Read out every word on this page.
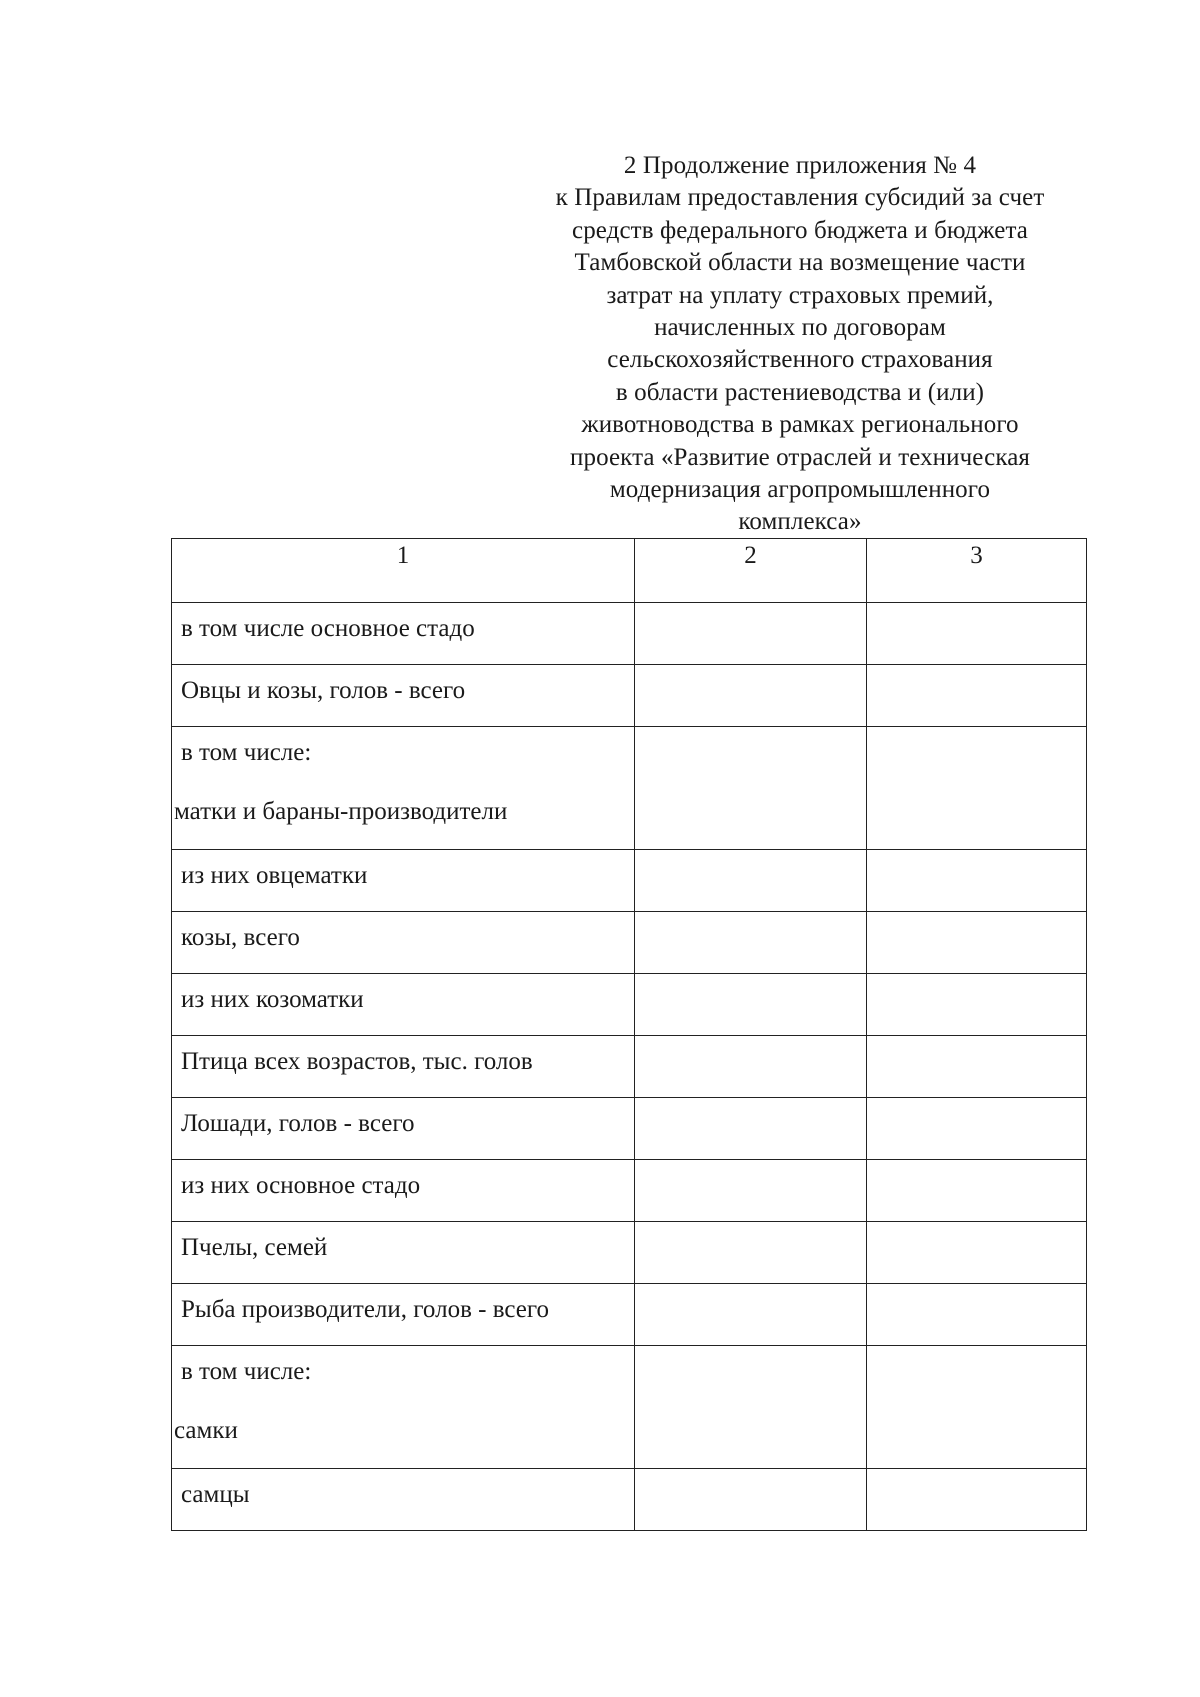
2 Продолжение приложения № 4
к Правилам предоставления субсидий за счет
средств федерального бюджета и бюджета
Тамбовской области на возмещение части
затрат на уплату страховых премий,
начисленных по договорам
сельскохозяйственного страхования
в области растениеводства и (или)
животноводства в рамках регионального
проекта «Развитие отраслей и техническая
модернизация агропромышленного
комплекса»
1	2	3

в том числе основное стадо		

Овцы и козы, голов - всего		

в том числе:
матки и бараны-производители		

из них овцематки		

козы, всего		

из них козоматки		

Птица всех возрастов, тыс. голов		

Лошади, голов - всего		

из них основное стадо		

Пчелы, семей		

Рыба производители, голов - всего		

в том числе:
самки		

самцы		
